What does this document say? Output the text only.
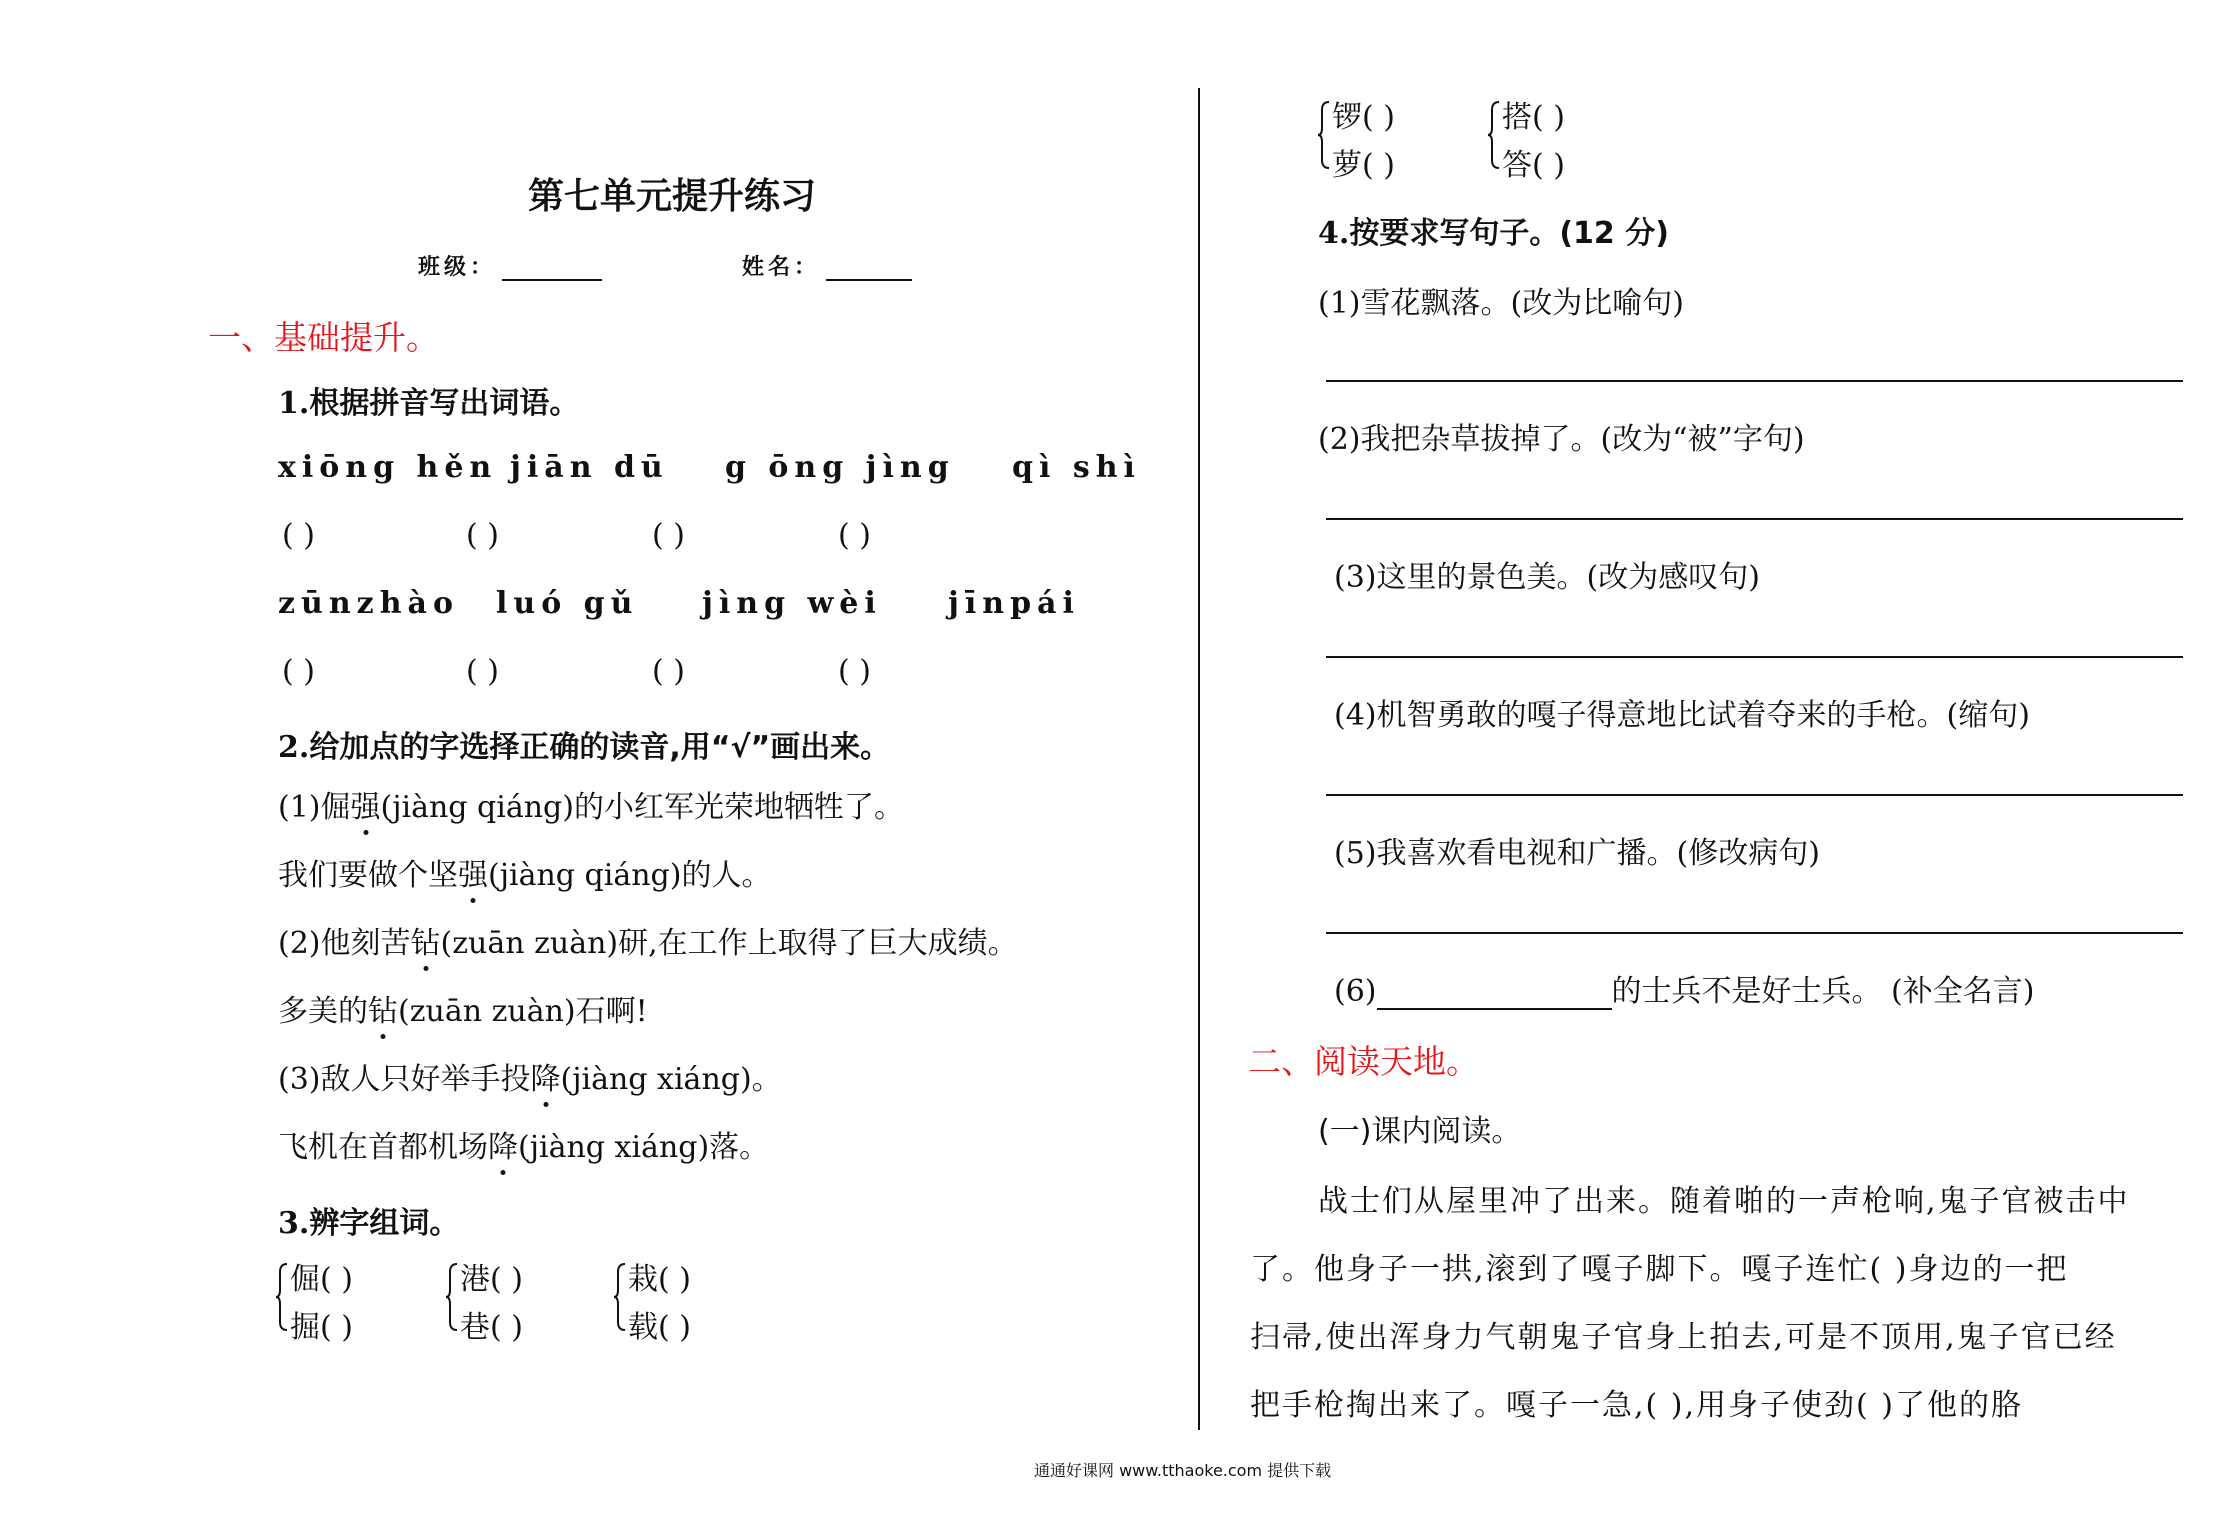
第七单元提升练习
班级：	姓名：
一、基础提升。
1.根据拼音写出词语。
xiōng hěn jiān dū g ōng jìng qì shì
( )	( )	( )	( )
zūnzhào luó gǔ jìng wèi jīnpái
( )	( )	( )	( )
2.给加点的字选择正确的读音,用“√”画出来。
(1)倔强(jiàng qiáng)的小红军光荣地牺牲了。
我们要做个坚强(jiàng qiáng)的人。
(2)他刻苦钻(zuān zuàn)研,在工作上取得了巨大成绩。
多美的钻(zuān zuàn)石啊!
(3)敌人只好举手投降(jiàng xiáng)。
飞机在首都机场降(jiàng xiáng)落。
3.辨字组词。
倔( )
掘( )
港( )
巷( )
栽( )
载( )
锣( )
萝( )
搭( )
答( )
4.按要求写句子。(12 分)
(1)雪花飘落。(改为比喻句)
(2)我把杂草拔掉了。(改为“被”字句)
(3)这里的景色美。(改为感叹句)
(4)机智勇敢的嘎子得意地比试着夺来的手枪。(缩句)
(5)我喜欢看电视和广播。(修改病句)
(6)	的士兵不是好士兵。 (补全名言)
二、阅读天地。
(一)课内阅读。
战士们从屋里冲了出来。随着啪的一声枪响,鬼子官被击中
了。他身子一拱,滚到了嘎子脚下。嘎子连忙( )身边的一把
扫帚,使出浑身力气朝鬼子官身上拍去,可是不顶用,鬼子官已经
把手枪掏出来了。嘎子一急,( ),用身子使劲( )了他的胳
通通好课网 www.tthaoke.com 提供下载
